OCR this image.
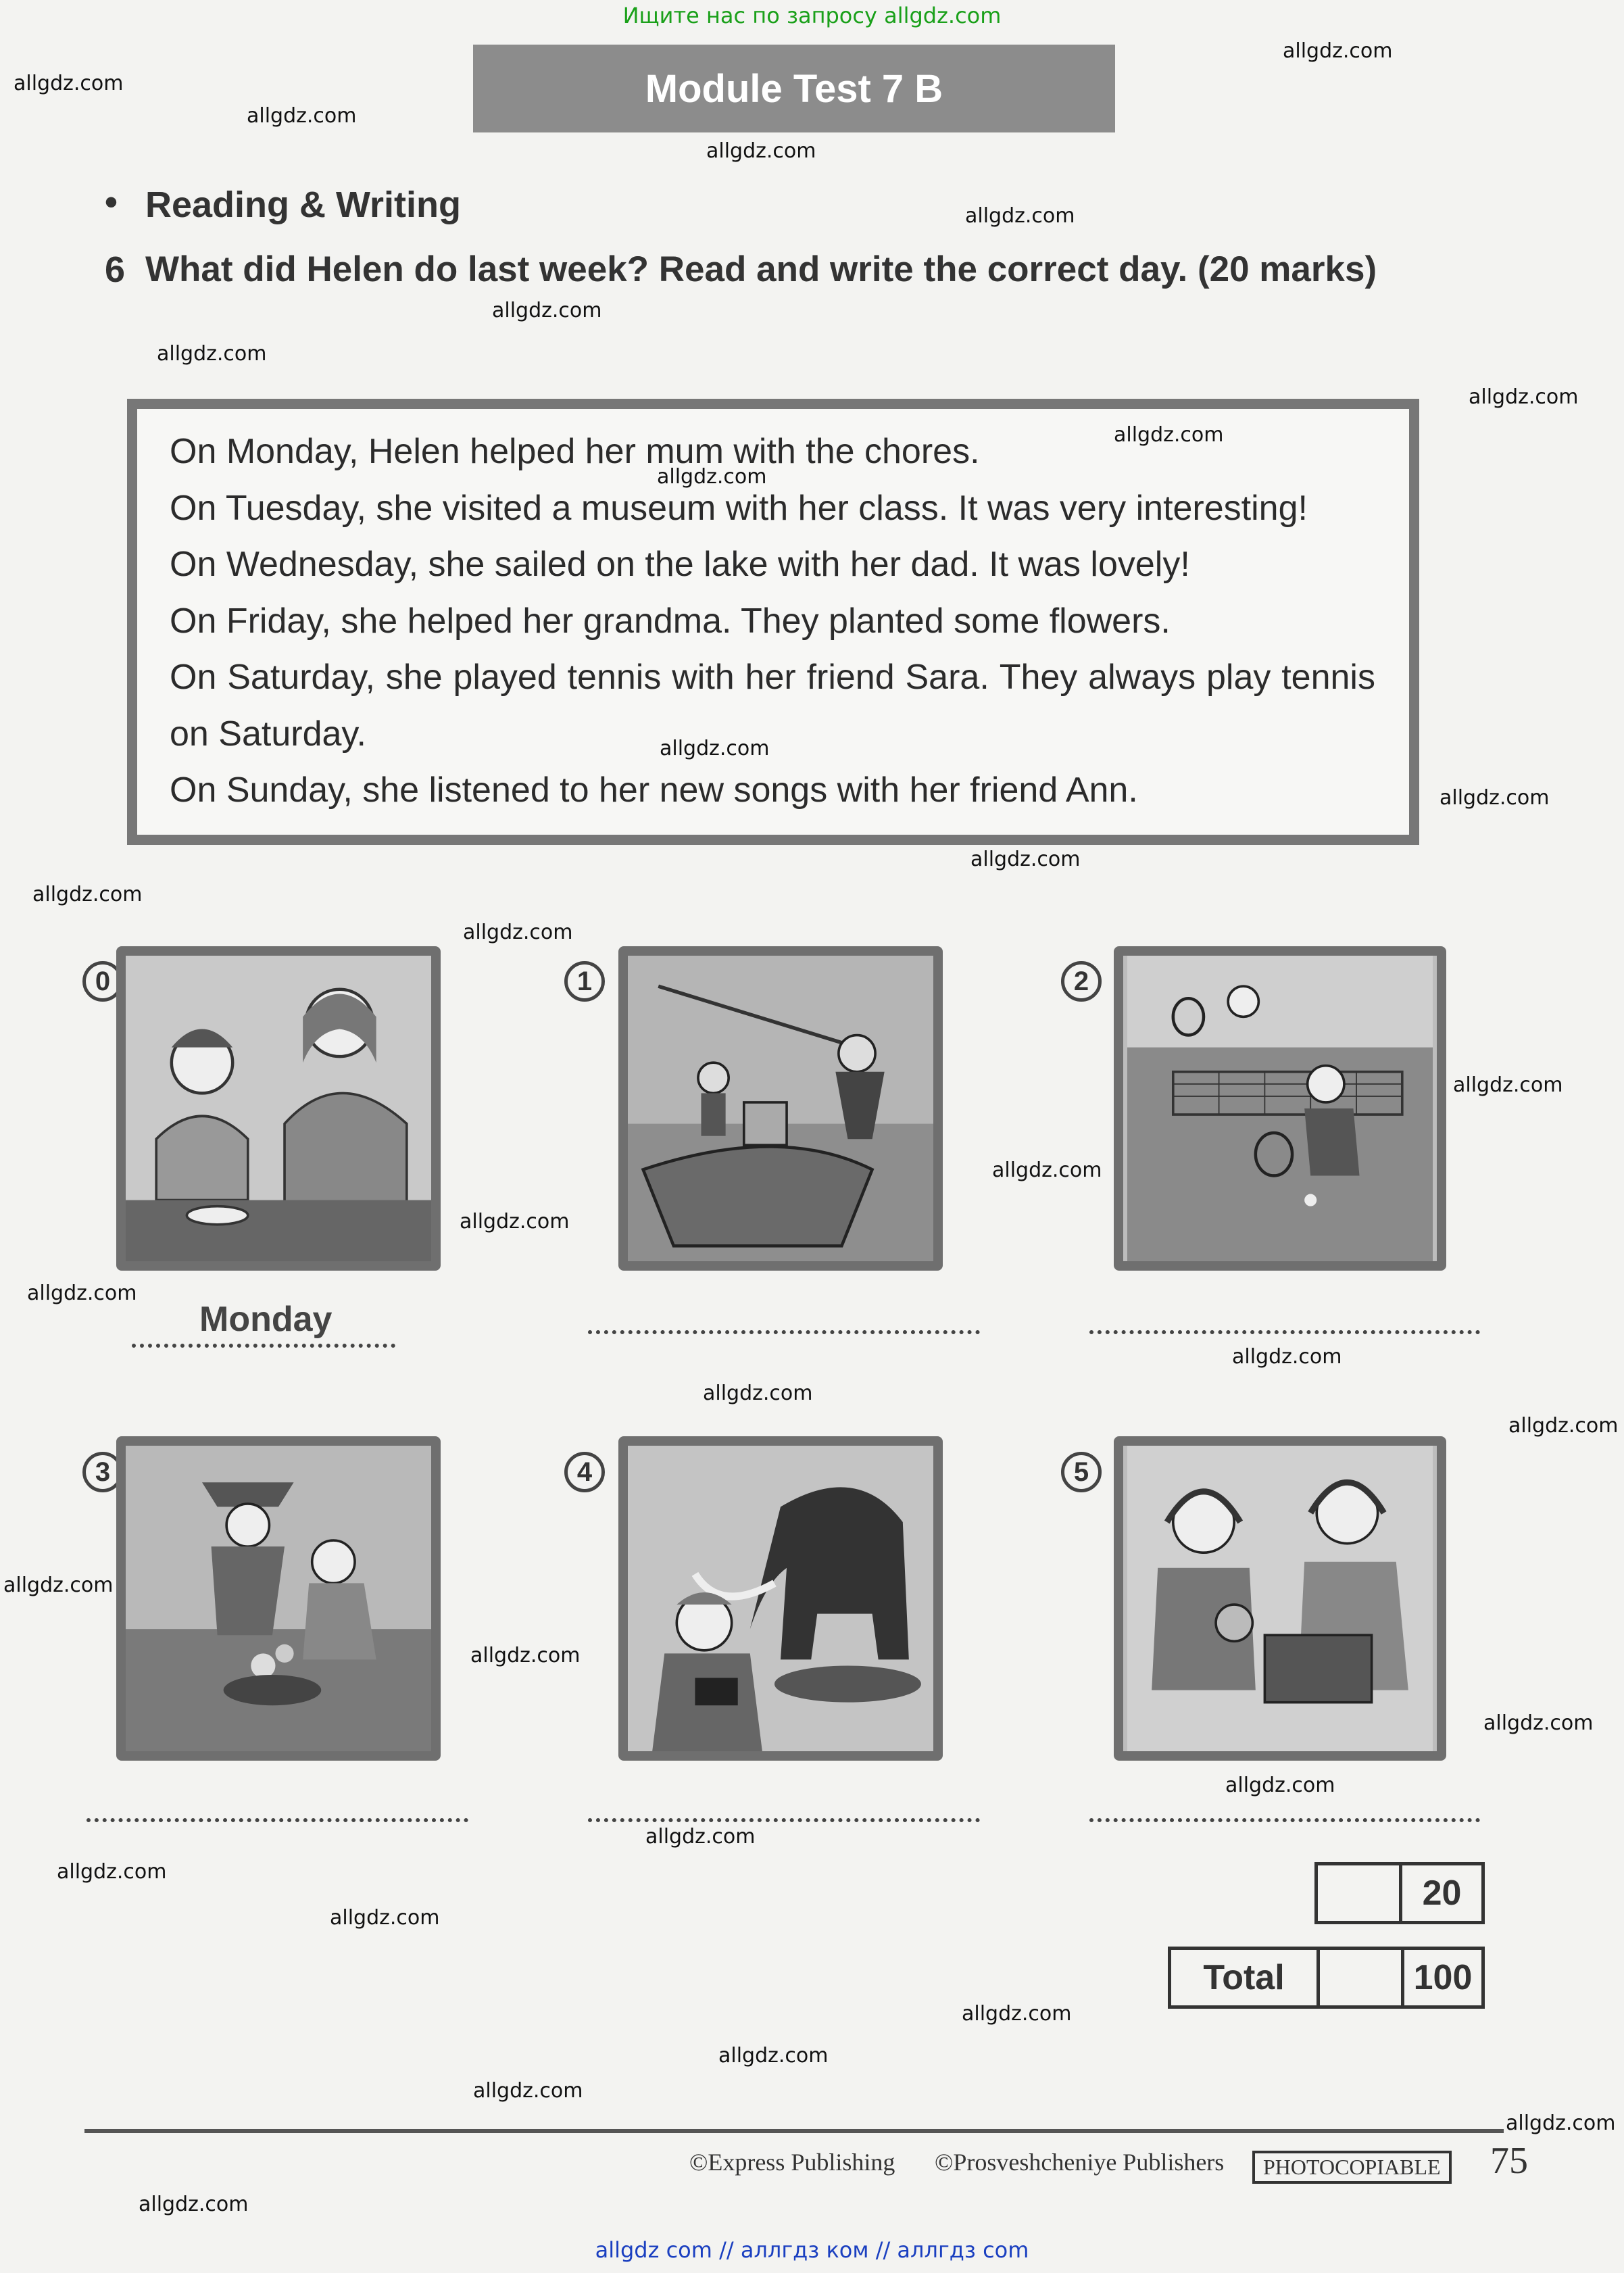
Ищите нас по запросу allgdz.com
allgdz com // аллгдз ком // аллгдз com
Module Test 7 B
• Reading & Writing
6 What did Helen do last week? Read and write the correct day. (20 marks)

On Monday, Helen helped her mum with the chores.

On Tuesday, she visited a museum with her class. It was very interesting!

On Wednesday, she sailed on the lake with her dad. It was lovely!

On Friday, she helped her grandma. They planted some flowers.

On Saturday, she played tennis with her friend Sara. They always play tennis on Saturday.

On Sunday, she listened to her new songs with her friend Ann.

0	1	2
Monday
3	4	5
20
Total	100
©Express Publishing ©Prosveshcheniye Publishers	PHOTOCOPIABLE 75
allgdz.com
allgdz.com
allgdz.com
allgdz.com
allgdz.com
allgdz.com
allgdz.com
allgdz.com
allgdz.com
allgdz.com
allgdz.com
allgdz.com
allgdz.com
allgdz.com
allgdz.com
allgdz.com
allgdz.com
allgdz.com
allgdz.com
allgdz.com
allgdz.com
allgdz.com
allgdz.com
allgdz.com
allgdz.com
allgdz.com
allgdz.com
allgdz.com
allgdz.com
allgdz.com
allgdz.com
allgdz.com
allgdz.com
allgdz.com
